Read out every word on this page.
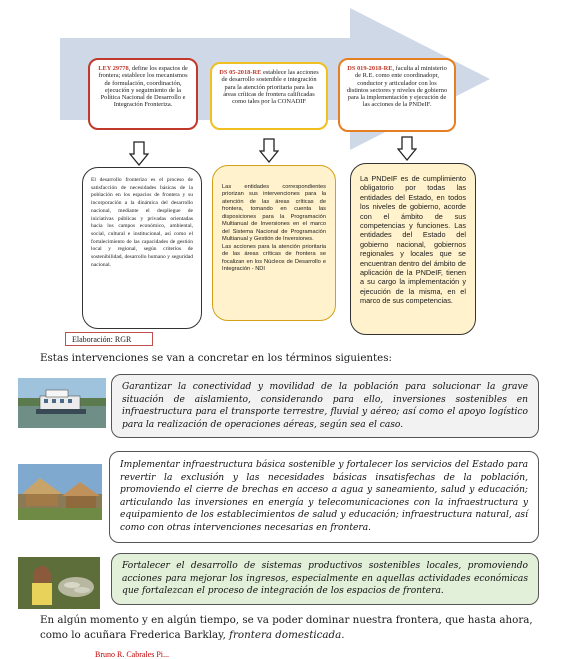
LEY 29778, define los espacios de frontera; establece los mecanismos de formulación, coordinación, ejecución y seguimiento de la Política Nacional de Desarrollo e Integración Fronteriza.
DS 05-2018-RE establece las acciones de desarrollo sostenible e integración para la atención prioritaria para las áreas críticas de frontera calificadas como tales por la CONADIF
DS 019-2018-RE, faculta al ministerio de R.E. como ente coordinadopr, conductor y articulador con los distintos sectores y niveles de gobierno para la implementación y ejecución de las acciones de la PNDeIF.
El desarrollo fronterizo es el proceso de satisfacción de necesidades básicas de la población en los espacios de frontera y su incorporación a la dinámica del desarrollo nacional, mediante el despliegue de iniciativas públicas y privadas orientadas hacia los campos económico, ambiental, social, cultural e institucional, así como el fortalecimiento de las capacidades de gestión local y regional, según criterios de sostenibilidad, desarrollo humano y seguridad nacional.

Las entidades correspondientes priorizan sus intervenciones para la atención de las áreas críticas de frontera, tomando en cuenta las disposiciones para la Programación Multianual de Inversiones en el marco del Sistema Nacional de Programación Multianual y Gestión de Inversiones.
Las acciones para la atención prioritaria de las áreas críticas de frontera se focalizan en los Núcleos de Desarrollo e Integración - NDI

La PNDeIF es de cumplimiento obligatorio por todas las entidades del Estado, en todos los niveles de gobierno, acorde con el ámbito de sus competencias y funciones. Las entidades del Estado del gobierno nacional, gobiernos regionales y locales que se encuentran dentro del ámbito de aplicación de la PNDeIF, tienen a su cargo la implementación y ejecución de la misma, en el marco de sus competencias.
Elaboración: RGR
Estas intervenciones se van a concretar en los términos siguientes:
Garantizar la conectividad y movilidad de la población para solucionar la grave situación de aislamiento, considerando para ello, inversiones sostenibles en infraestructura para el transporte terrestre, fluvial y aéreo; así como el apoyo logístico para la realización de operaciones aéreas, según sea el caso.
Implementar infraestructura básica sostenible y fortalecer los servicios del Estado para revertir la exclusión y las necesidades básicas insatisfechas de la población, promoviendo el cierre de brechas en acceso a agua y saneamiento, salud y educación; articulando las inversiones en energía y telecomunicaciones con la infraestructura y equipamiento de los establecimientos de salud y educación; infraestructura natural, así como con otras intervenciones necesarias en frontera.
Fortalecer el desarrollo de sistemas productivos sostenibles locales, promoviendo acciones para mejorar los ingresos, especialmente en aquellas actividades económicas que fortalezcan el proceso de integración de los espacios de frontera.
En algún momento y en algún tiempo, se va poder dominar nuestra frontera, que hasta ahora,
como lo acuñara Frederica Barklay, frontera domesticada.
Bruno R. Cabrales Pi...
